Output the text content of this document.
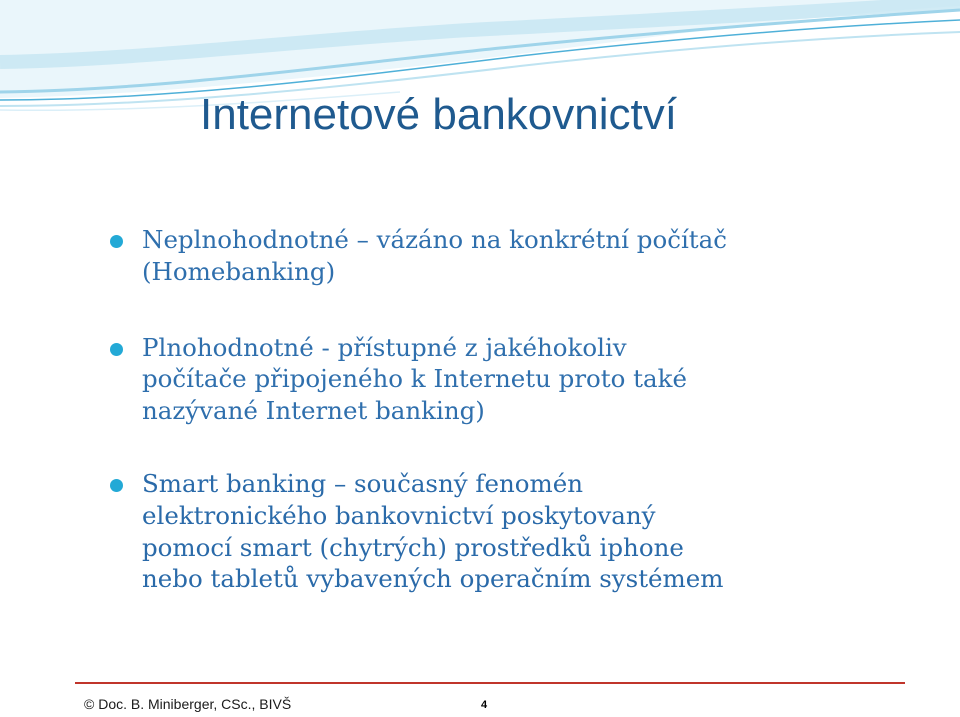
Internetové bankovnictví
Neplnohodnotné – vázáno na konkrétní počítač
(Homebanking)
Plnohodnotné - přístupné z jakéhokoliv
počítače připojeného k Internetu proto také
nazývané Internet banking)
Smart banking – současný fenomén
elektronického bankovnictví poskytovaný
pomocí smart (chytrých) prostředků iphone
nebo tabletů vybavených operačním systémem
© Doc. B. Miniberger, CSc., BIVŠ	4
